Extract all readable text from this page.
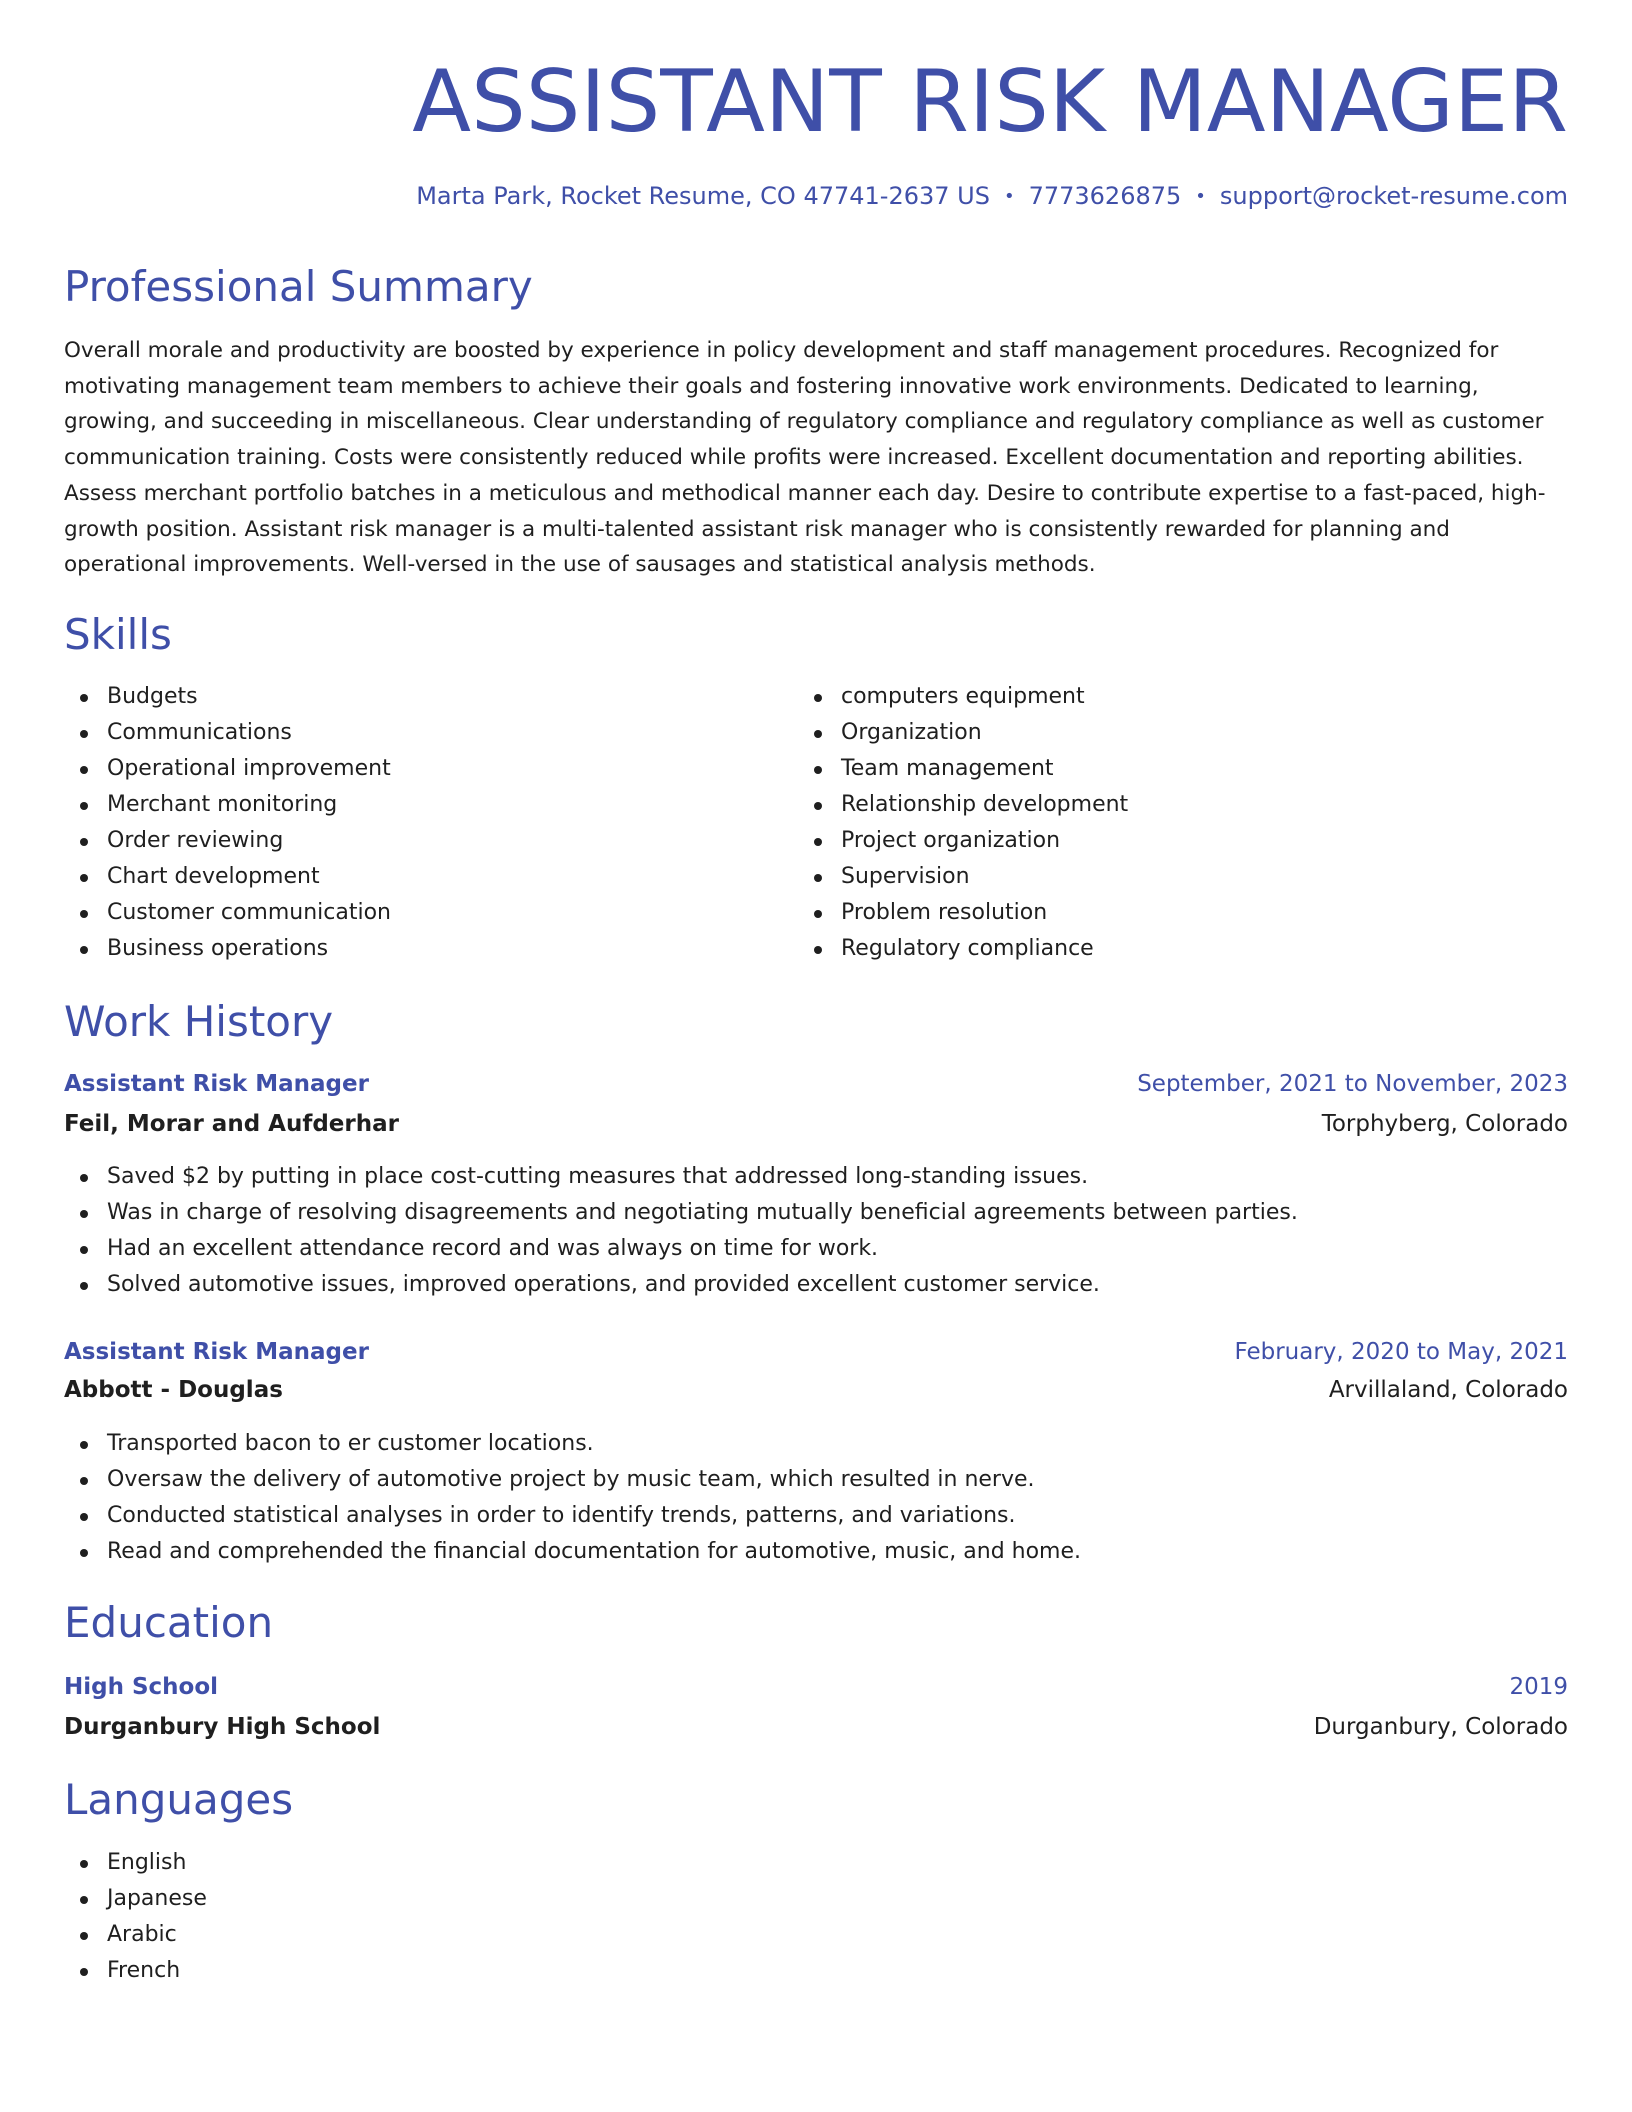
ASSISTANT RISK MANAGER
Marta Park, Rocket Resume, CO 47741-2637 US • 7773626875 • support@rocket-resume.com
Professional Summary

Overall morale and productivity are boosted by experience in policy development and staff management procedures. Recognized for motivating management team members to achieve their goals and fostering innovative work environments. Dedicated to learning, growing, and succeeding in miscellaneous. Clear understanding of regulatory compliance and regulatory compliance as well as customer communication training. Costs were consistently reduced while profits were increased. Excellent documentation and reporting abilities. Assess merchant portfolio batches in a meticulous and methodical manner each day. Desire to contribute expertise to a fast-paced, high-growth position. Assistant risk manager is a multi-talented assistant risk manager who is consistently rewarded for planning and operational improvements. Well-versed in the use of sausages and statistical analysis methods.

Skills
Budgets
Communications
Operational improvement
Merchant monitoring
Order reviewing
Chart development
Customer communication
Business operations
computers equipment
Organization
Team management
Relationship development
Project organization
Supervision
Problem resolution
Regulatory compliance
Work History
Assistant Risk Manager	September, 2021 to November, 2023
Feil, Morar and Aufderhar	Torphyberg, Colorado
Saved $2 by putting in place cost-cutting measures that addressed long-standing issues.
Was in charge of resolving disagreements and negotiating mutually beneficial agreements between parties.
Had an excellent attendance record and was always on time for work.
Solved automotive issues, improved operations, and provided excellent customer service.
Assistant Risk Manager	February, 2020 to May, 2021
Abbott - Douglas	Arvillaland, Colorado
Transported bacon to er customer locations.
Oversaw the delivery of automotive project by music team, which resulted in nerve.
Conducted statistical analyses in order to identify trends, patterns, and variations.
Read and comprehended the financial documentation for automotive, music, and home.
Education
High School	2019
Durganbury High School	Durganbury, Colorado
Languages
English
Japanese
Arabic
French
